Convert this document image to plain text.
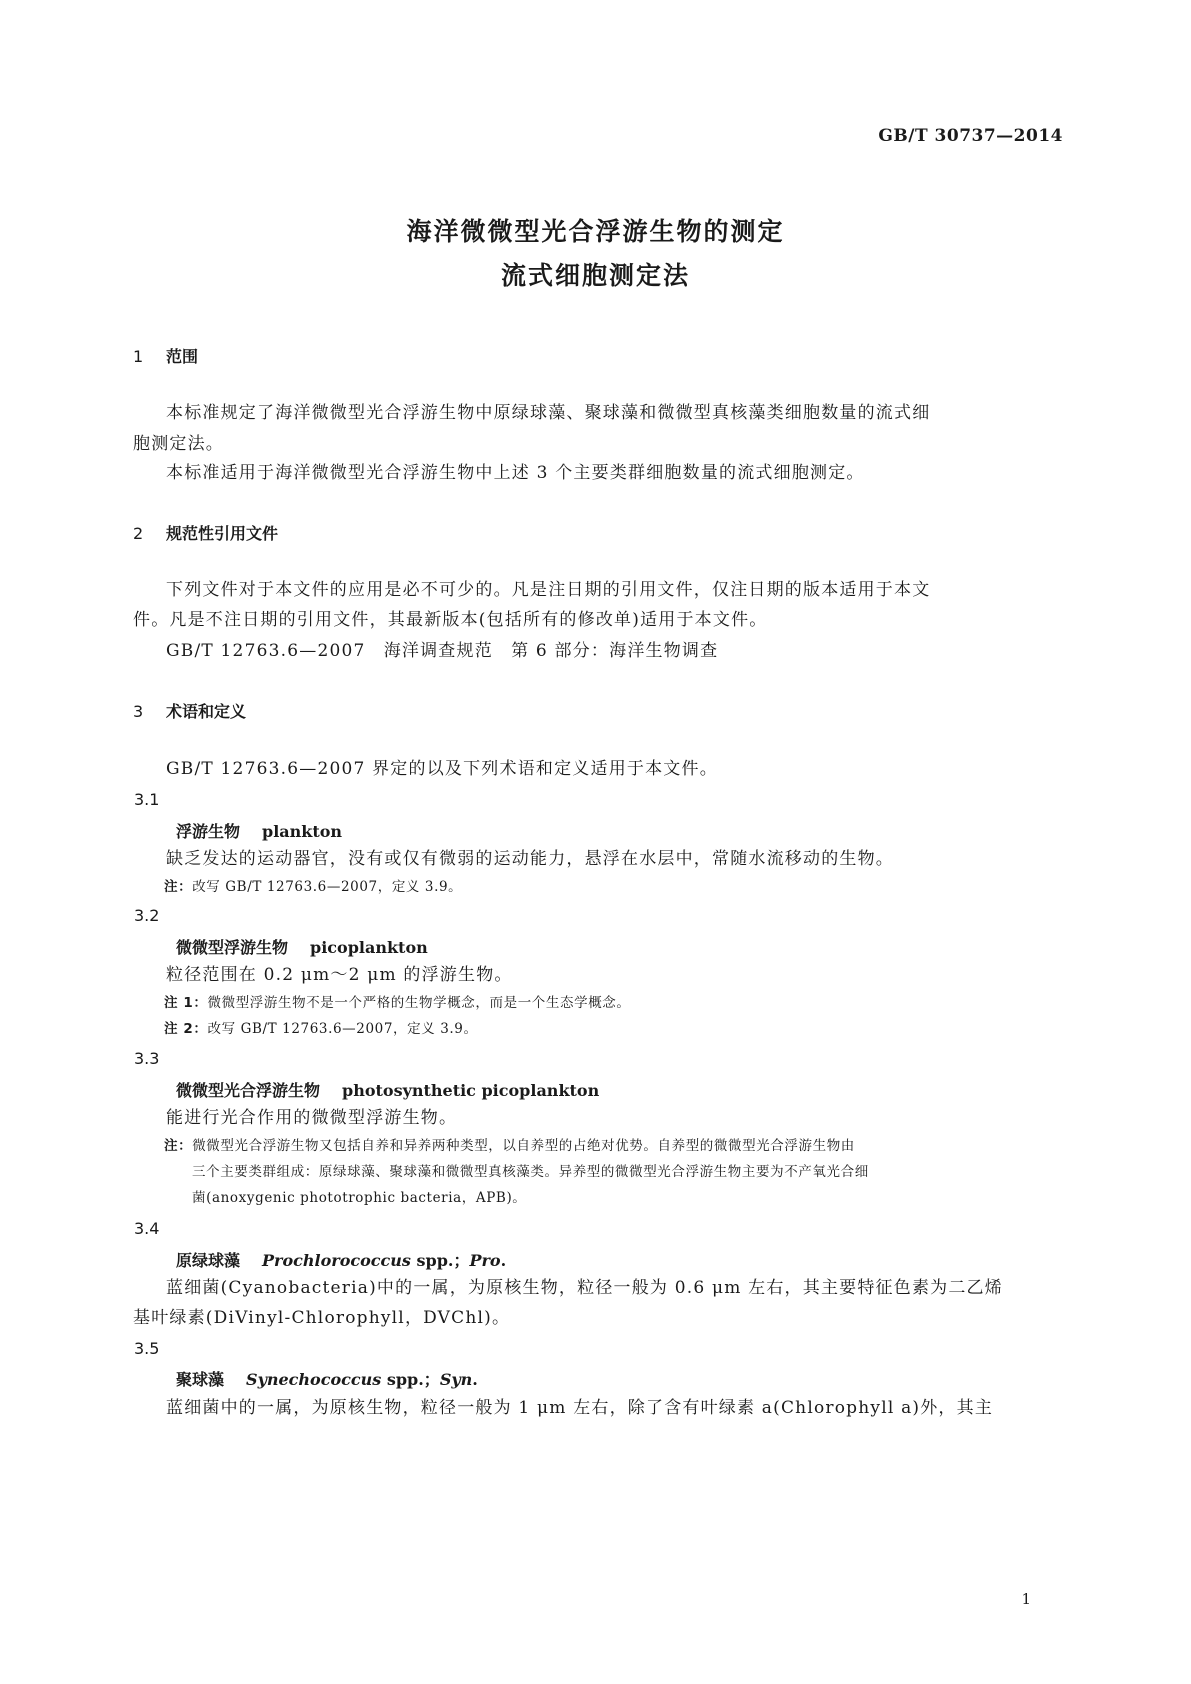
GB/T 30737—2014
海洋微微型光合浮游生物的测定
流式细胞测定法
1 范围
本标准规定了海洋微微型光合浮游生物中原绿球藻、聚球藻和微微型真核藻类细胞数量的流式细
胞测定法。
本标准适用于海洋微微型光合浮游生物中上述 3 个主要类群细胞数量的流式细胞测定。
2 规范性引用文件
下列文件对于本文件的应用是必不可少的。凡是注日期的引用文件，仅注日期的版本适用于本文
件。凡是不注日期的引用文件，其最新版本(包括所有的修改单)适用于本文件。
GB/T 12763.6—2007　海洋调查规范　第 6 部分：海洋生物调查
3 术语和定义
GB/T 12763.6—2007 界定的以及下列术语和定义适用于本文件。
3.1
浮游生物 plankton
缺乏发达的运动器官，没有或仅有微弱的运动能力，悬浮在水层中，常随水流移动的生物。
注：改写 GB/T 12763.6—2007，定义 3.9。
3.2
微微型浮游生物 picoplankton
粒径范围在 0.2 μm～2 μm 的浮游生物。
注 1：微微型浮游生物不是一个严格的生物学概念，而是一个生态学概念。
注 2：改写 GB/T 12763.6—2007，定义 3.9。
3.3
微微型光合浮游生物 photosynthetic picoplankton
能进行光合作用的微微型浮游生物。
注：微微型光合浮游生物又包括自养和异养两种类型，以自养型的占绝对优势。自养型的微微型光合浮游生物由
三个主要类群组成：原绿球藻、聚球藻和微微型真核藻类。异养型的微微型光合浮游生物主要为不产氧光合细
菌(anoxygenic phototrophic bacteria，APB)。
3.4
原绿球藻 Prochlorococcus spp.；Pro.
蓝细菌(Cyanobacteria)中的一属，为原核生物，粒径一般为 0.6 μm 左右，其主要特征色素为二乙烯
基叶绿素(DiVinyl-Chlorophyll，DVChl)。
3.5
聚球藻 Synechococcus spp.；Syn.
蓝细菌中的一属，为原核生物，粒径一般为 1 μm 左右，除了含有叶绿素 a(Chlorophyll a)外，其主
1
